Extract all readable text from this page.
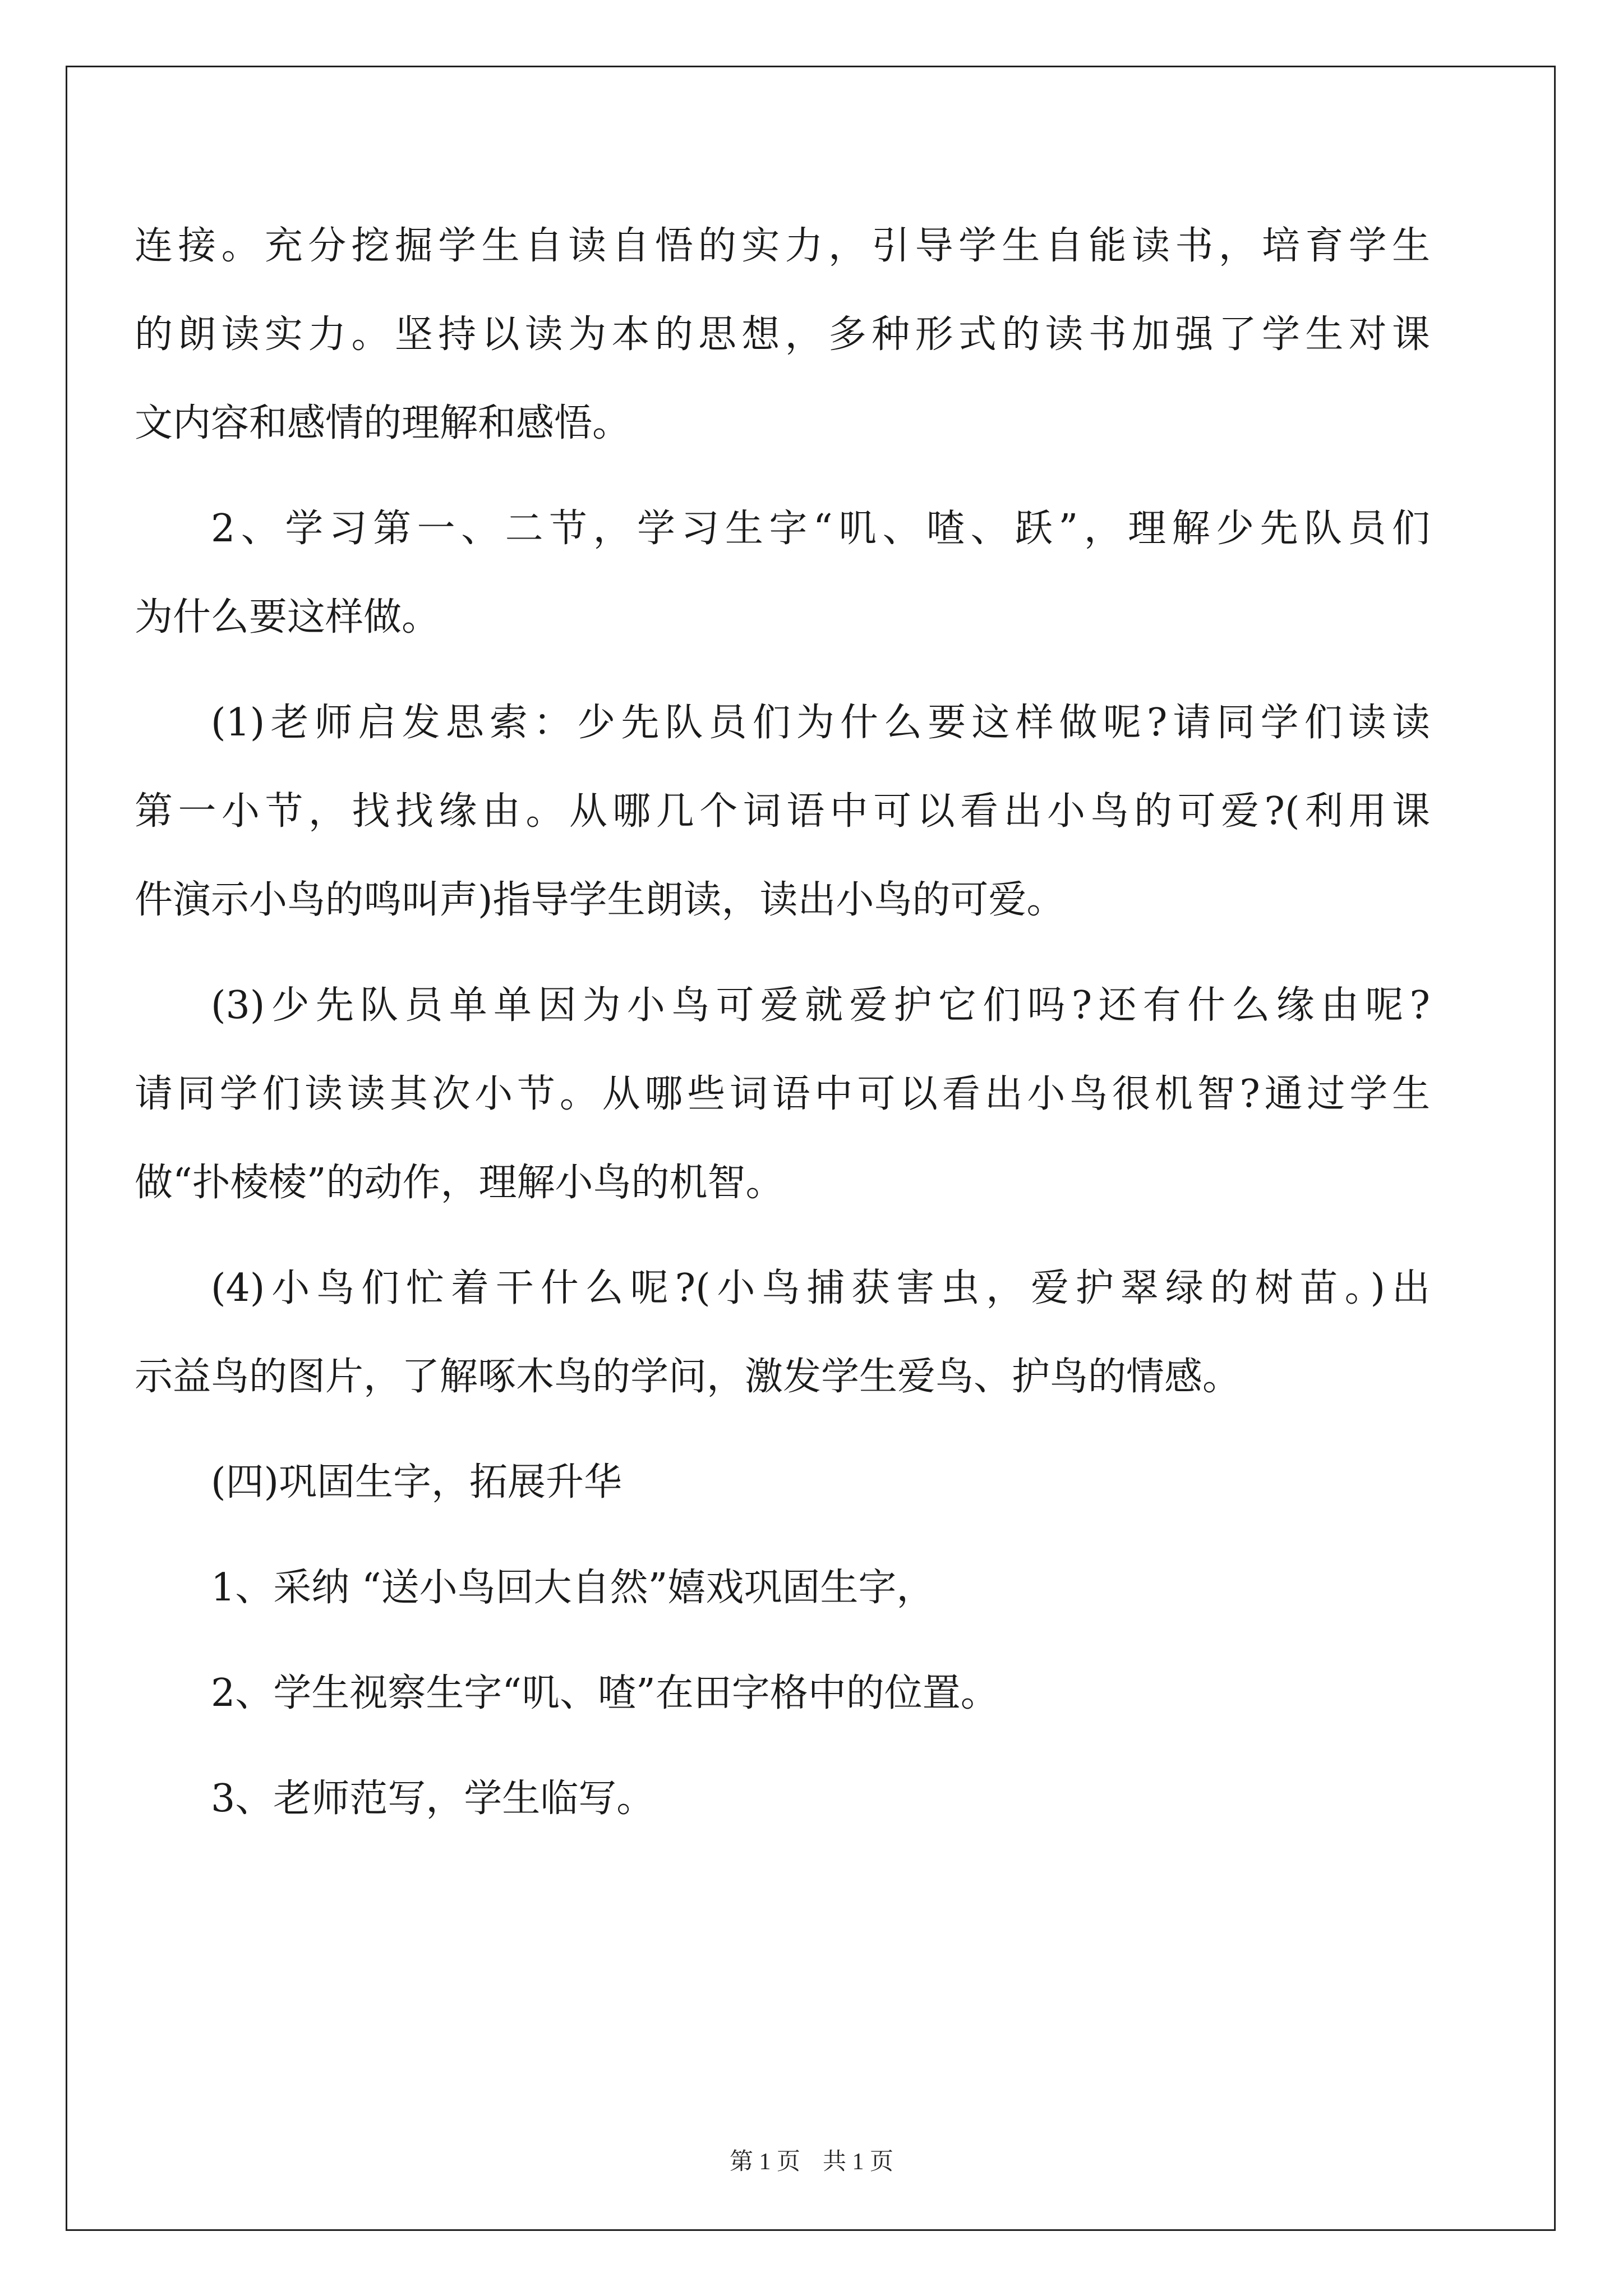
连接。充分挖掘学生自读自悟的实力，引导学生自能读书，培育学生
的朗读实力。坚持以读为本的思想，多种形式的读书加强了学生对课
文内容和感情的理解和感悟。
2、学习第一、二节，学习生字“叽、喳、跃”，理解少先队员们
为什么要这样做。
(1)老师启发思索：少先队员们为什么要这样做呢?请同学们读读
第一小节，找找缘由。从哪几个词语中可以看出小鸟的可爱?(利用课
件演示小鸟的鸣叫声)指导学生朗读，读出小鸟的可爱。
(3)少先队员单单因为小鸟可爱就爱护它们吗?还有什么缘由呢?
请同学们读读其次小节。从哪些词语中可以看出小鸟很机智?通过学生
做“扑棱棱”的动作，理解小鸟的机智。
(4)小鸟们忙着干什么呢?(小鸟捕获害虫，爱护翠绿的树苗。)出
示益鸟的图片，了解啄木鸟的学问，激发学生爱鸟、护鸟的情感。
(四)巩固生字，拓展升华
1、采纳 “送小鸟回大自然”嬉戏巩固生字，
2、学生视察生字“叽、喳”在田字格中的位置。
3、老师范写，学生临写。
第 1 页 共 1 页
